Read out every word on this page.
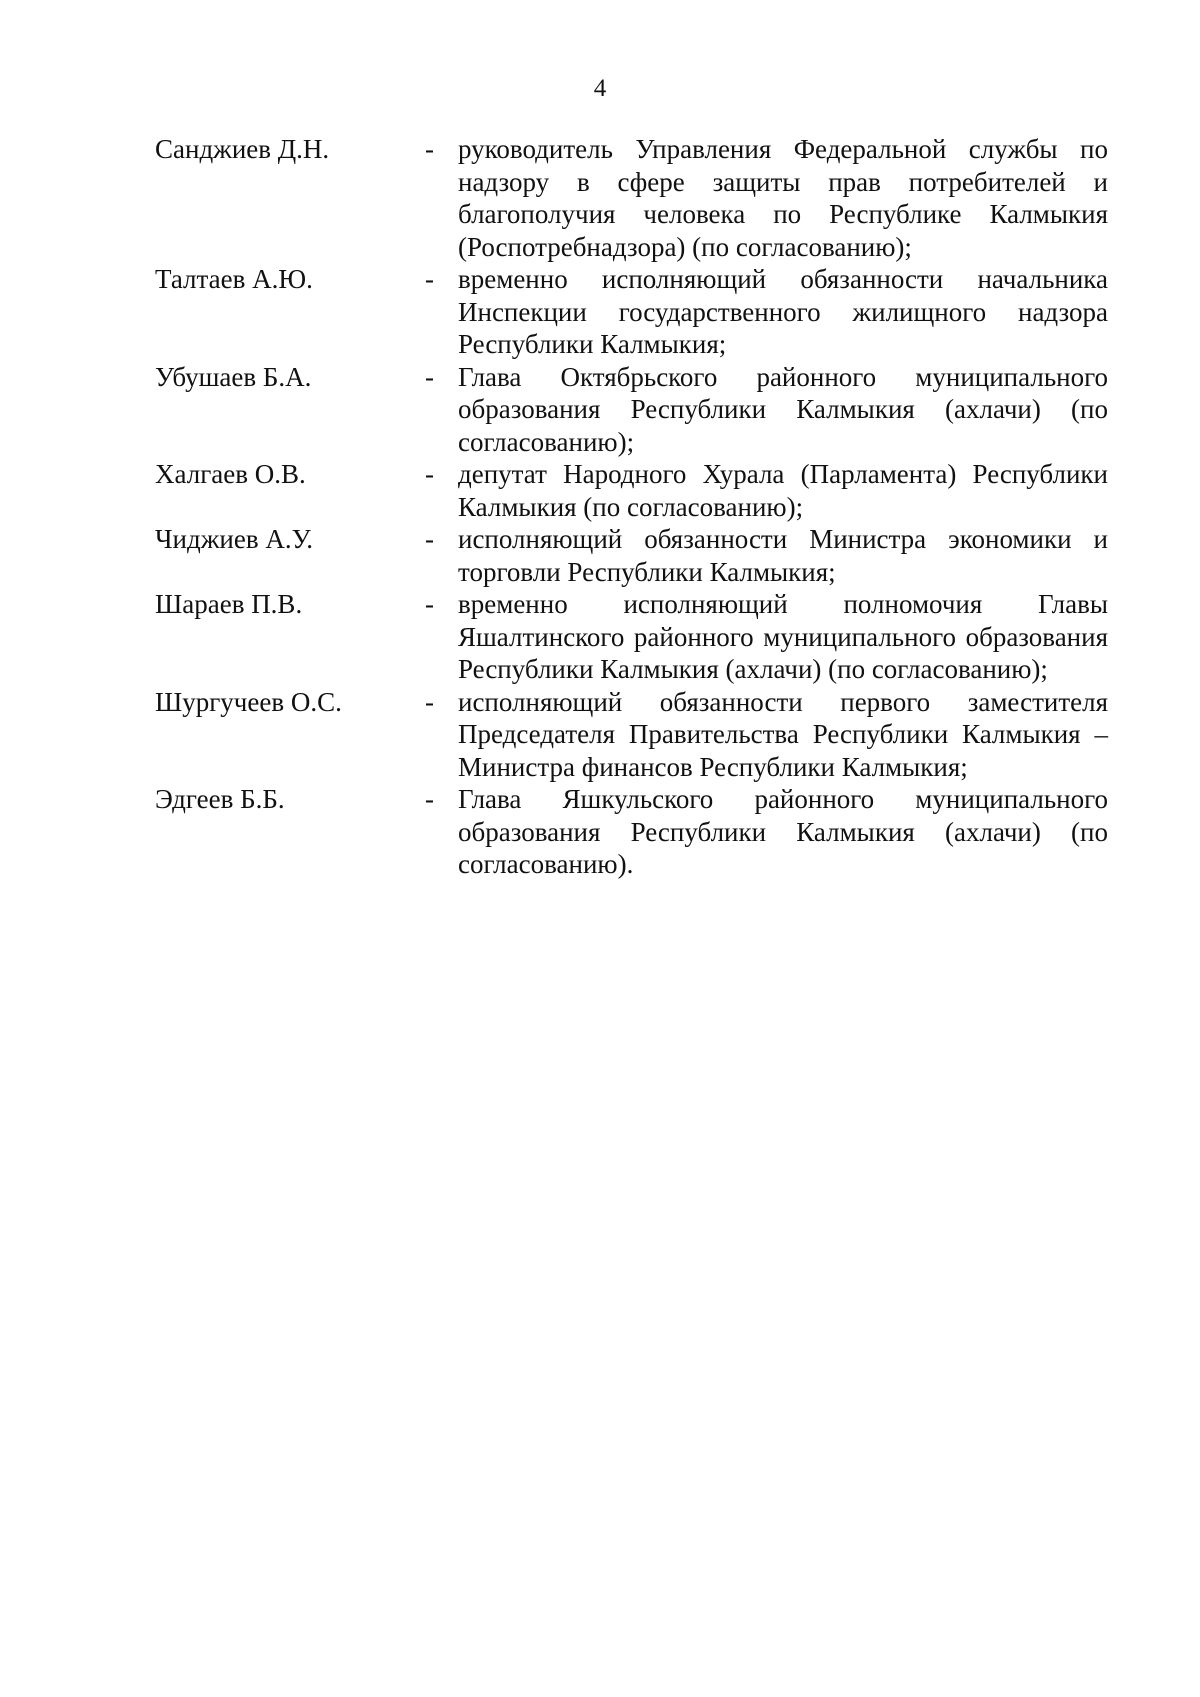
4
Санджиев Д.Н.	- руководитель Управления Федеральной службы по надзору в сфере защиты прав потребителей и благополучия человека по Республике Калмыкия (Роспотребнадзора) (по согласованию);
Талтаев А.Ю.	- временно исполняющий обязанности начальника Инспекции государственного жилищного надзора Республики Калмыкия;
Убушаев Б.А.	- Глава Октябрьского районного муниципального образования Республики Калмыкия (ахлачи) (по согласованию);
Халгаев О.В.	- депутат Народного Хурала (Парламента) Республики Калмыкия (по согласованию);
Чиджиев А.У.	- исполняющий обязанности Министра экономики и торговли Республики Калмыкия;
Шараев П.В.	- временно исполняющий полномочия Главы Яшалтинского районного муниципального образования Республики Калмыкия (ахлачи) (по согласованию);
Шургучеев О.С.	- исполняющий обязанности первого заместителя Председателя Правительства Республики Калмыкия – Министра финансов Республики Калмыкия;
Эдгеев Б.Б.	- Глава Яшкульского районного муниципального образования Республики Калмыкия (ахлачи) (по согласованию).
